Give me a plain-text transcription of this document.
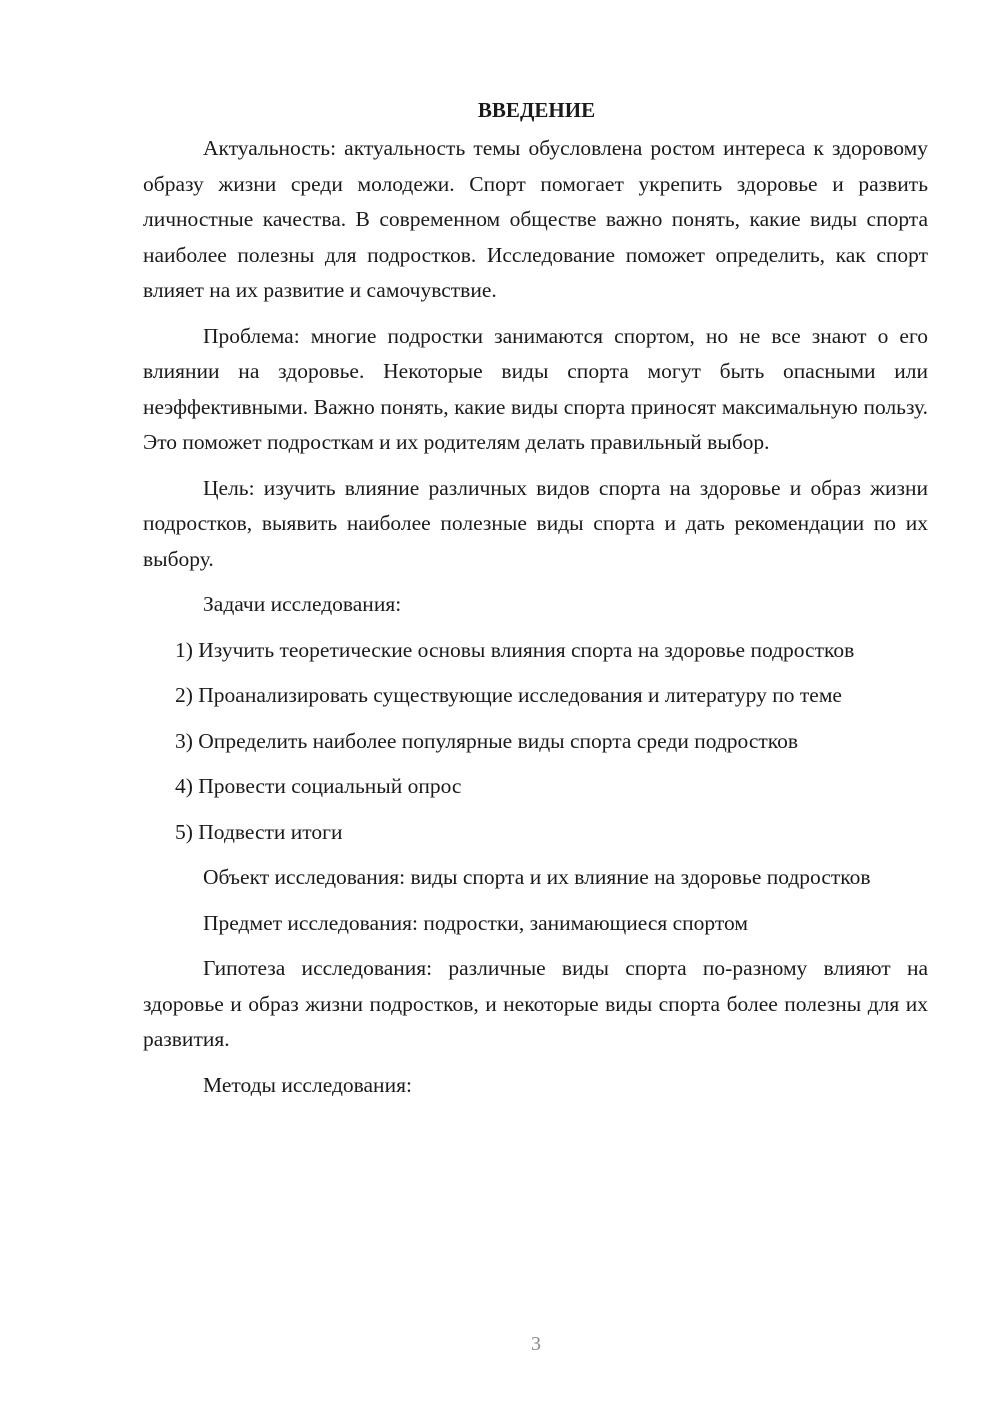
ВВЕДЕНИЕ

Актуальность: актуальность темы обусловлена ростом интереса к здоровому образу жизни среди молодежи. Спорт помогает укрепить здоровье и развить личностные качества. В современном обществе важно понять, какие виды спорта наиболее полезны для подростков. Исследование поможет определить, как спорт влияет на их развитие и самочувствие.

Проблема: многие подростки занимаются спортом, но не все знают о его влиянии на здоровье. Некоторые виды спорта могут быть опасными или неэффективными. Важно понять, какие виды спорта приносят максимальную пользу. Это поможет подросткам и их родителям делать правильный выбор.

Цель: изучить влияние различных видов спорта на здоровье и образ жизни подростков, выявить наиболее полезные виды спорта и дать рекомендации по их выбору.

Задачи исследования:

1) Изучить теоретические основы влияния спорта на здоровье подростков

2) Проанализировать существующие исследования и литературу по теме

3) Определить наиболее популярные виды спорта среди подростков

4) Провести социальный опрос

5) Подвести итоги

Объект исследования: виды спорта и их влияние на здоровье подростков

Предмет исследования: подростки, занимающиеся спортом

Гипотеза исследования: различные виды спорта по-разному влияют на здоровье и образ жизни подростков, и некоторые виды спорта более полезны для их развития.

Методы исследования:

3
